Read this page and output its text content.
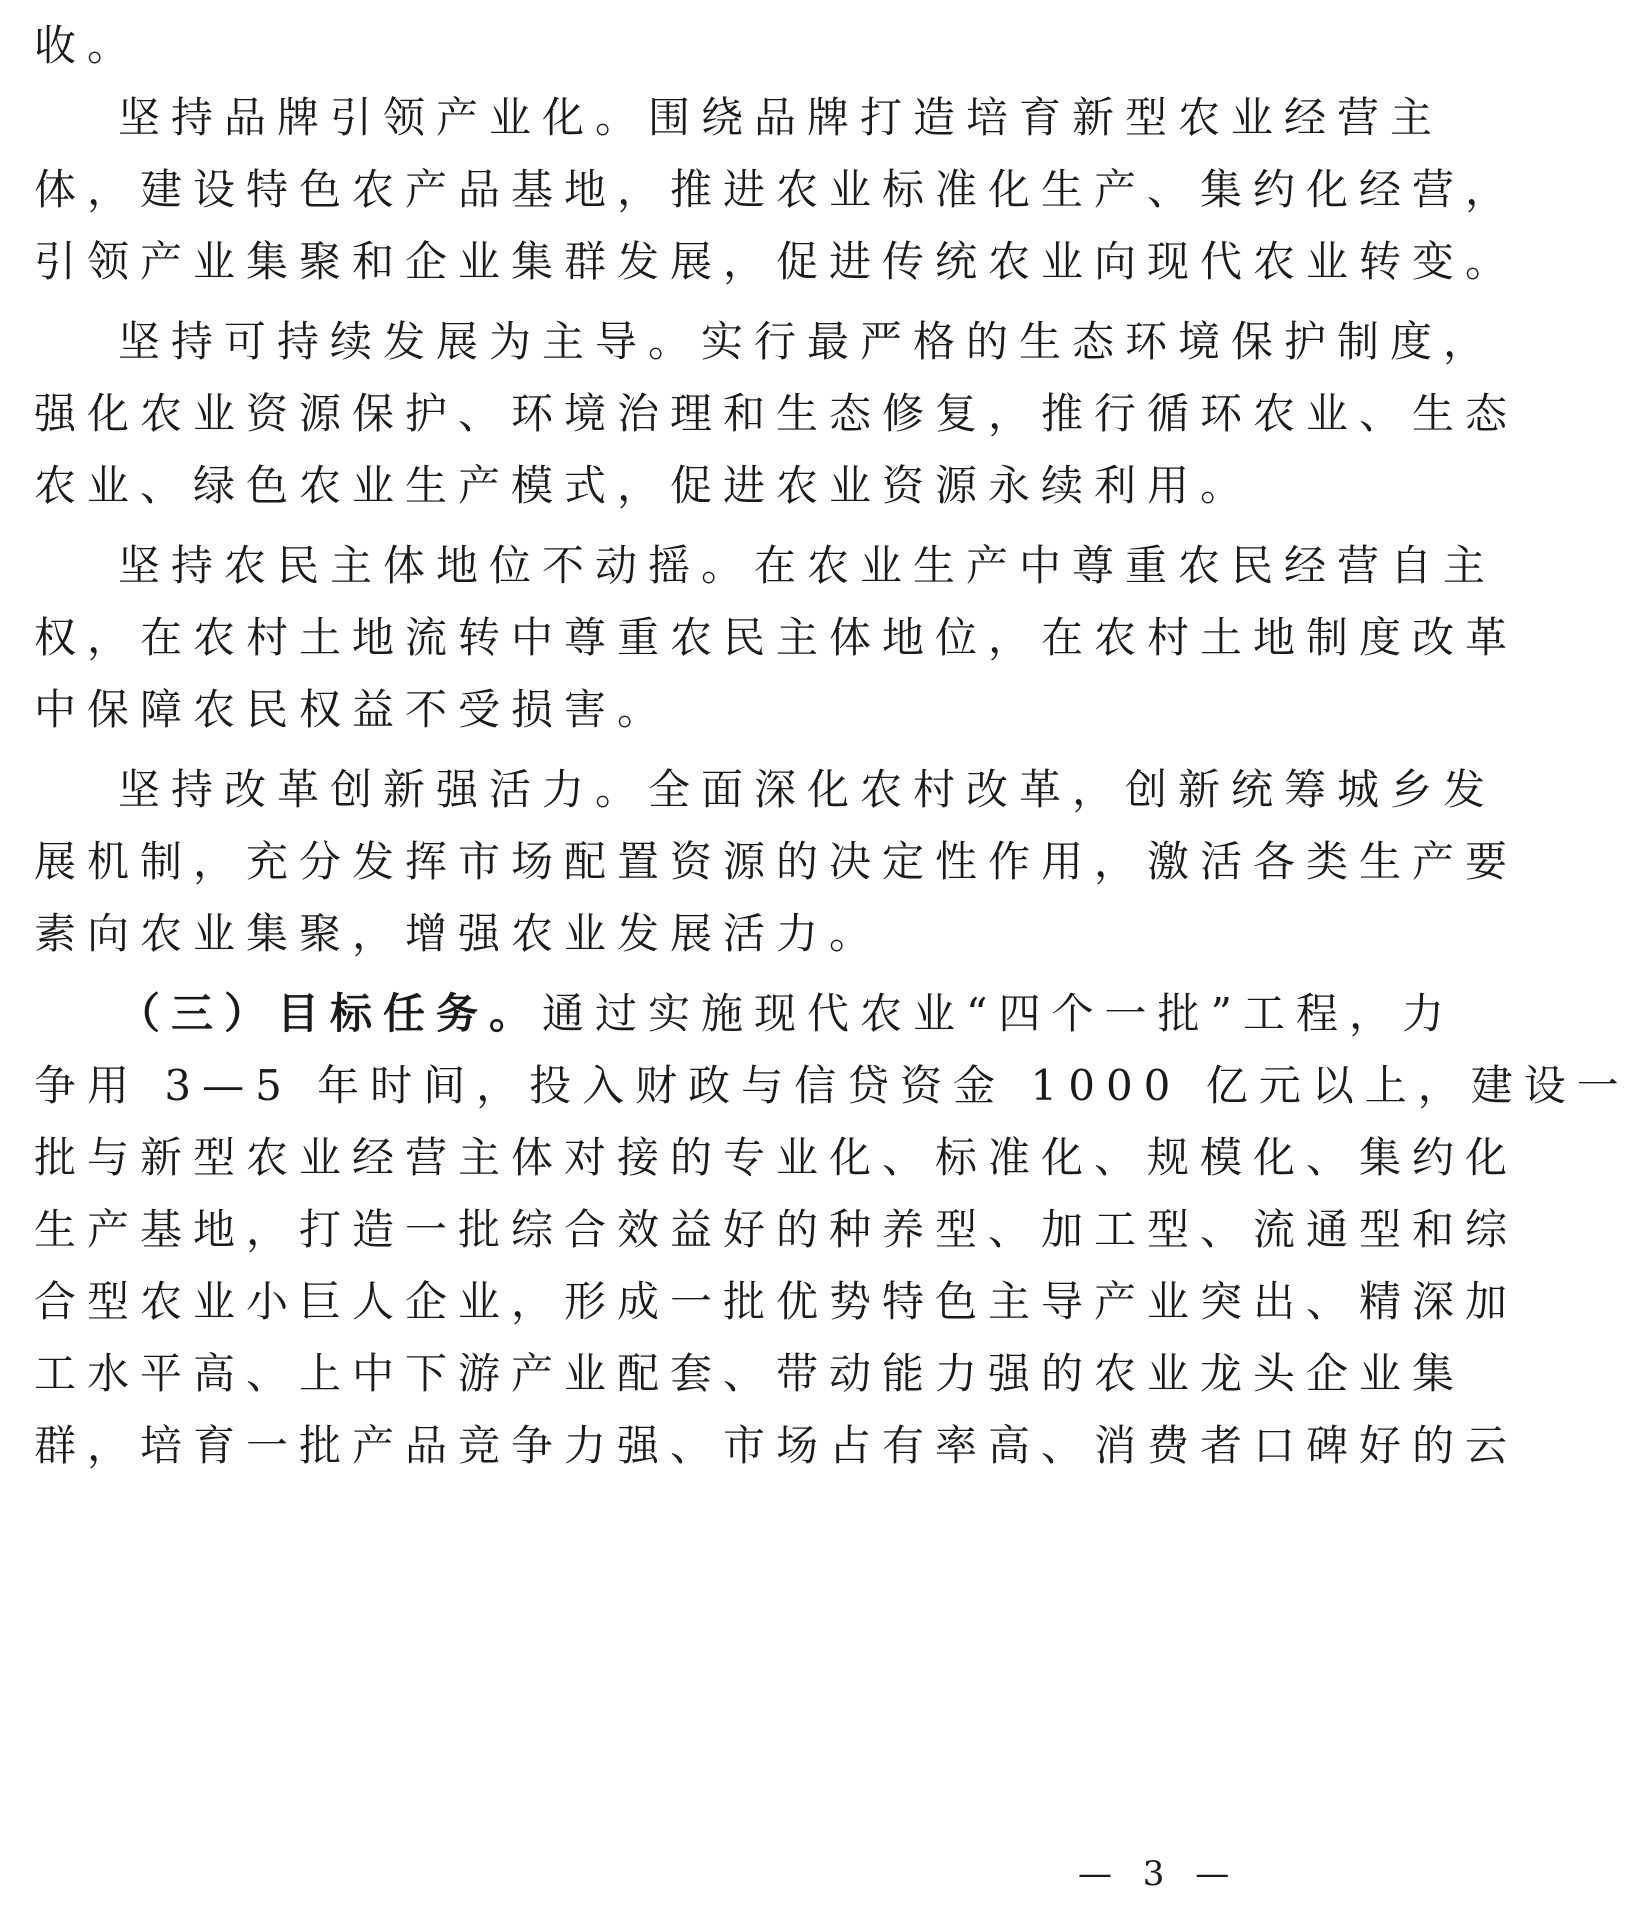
收。
坚持品牌引领产业化。围绕品牌打造培育新型农业经营主
体，建设特色农产品基地，推进农业标准化生产、集约化经营，
引领产业集聚和企业集群发展，促进传统农业向现代农业转变。
坚持可持续发展为主导。实行最严格的生态环境保护制度，
强化农业资源保护、环境治理和生态修复，推行循环农业、生态
农业、绿色农业生产模式，促进农业资源永续利用。
坚持农民主体地位不动摇。在农业生产中尊重农民经营自主
权，在农村土地流转中尊重农民主体地位，在农村土地制度改革
中保障农民权益不受损害。
坚持改革创新强活力。全面深化农村改革，创新统筹城乡发
展机制，充分发挥市场配置资源的决定性作用，激活各类生产要
素向农业集聚，增强农业发展活力。
（三）目标任务。通过实施现代农业“四个一批”工程，力
争用 3—5 年时间，投入财政与信贷资金 1000 亿元以上，建设一
批与新型农业经营主体对接的专业化、标准化、规模化、集约化
生产基地，打造一批综合效益好的种养型、加工型、流通型和综
合型农业小巨人企业，形成一批优势特色主导产业突出、精深加
工水平高、上中下游产业配套、带动能力强的农业龙头企业集
群，培育一批产品竞争力强、市场占有率高、消费者口碑好的云
— 3 —
